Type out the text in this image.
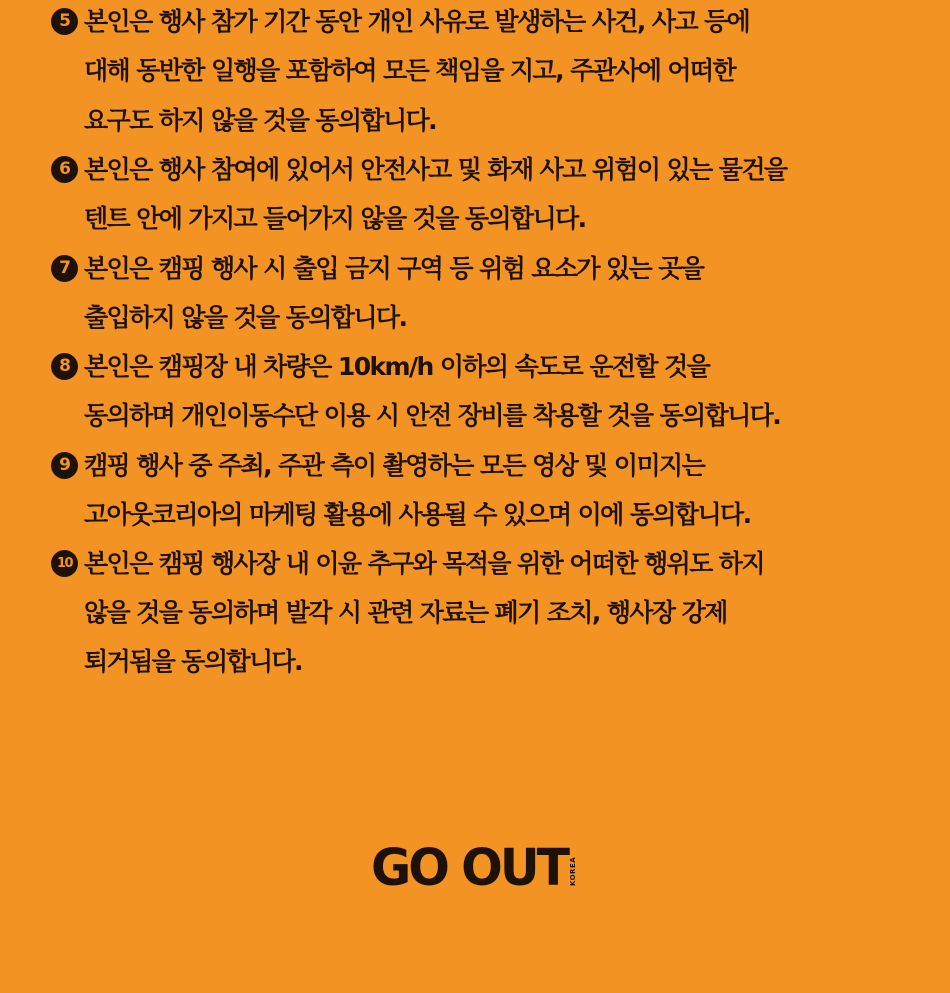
5 본인은 행사 참가 기간 동안 개인 사유로 발생하는 사건, 사고 등에
대해 동반한 일행을 포함하여 모든 책임을 지고, 주관사에 어떠한
요구도 하지 않을 것을 동의합니다.
6 본인은 행사 참여에 있어서 안전사고 및 화재 사고 위험이 있는 물건을
텐트 안에 가지고 들어가지 않을 것을 동의합니다.
7 본인은 캠핑 행사 시 출입 금지 구역 등 위험 요소가 있는 곳을
출입하지 않을 것을 동의합니다.
8 본인은 캠핑장 내 차량은 10km/h 이하의 속도로 운전할 것을
동의하며 개인이동수단 이용 시 안전 장비를 착용할 것을 동의합니다.
9 캠핑 행사 중 주최, 주관 측이 촬영하는 모든 영상 및 이미지는
고아웃코리아의 마케팅 활용에 사용될 수 있으며 이에 동의합니다.
10 본인은 캠핑 행사장 내 이윤 추구와 목적을 위한 어떠한 행위도 하지
않을 것을 동의하며 발각 시 관련 자료는 폐기 조치, 행사장 강제
퇴거됨을 동의합니다.
GO OUT KOREA
